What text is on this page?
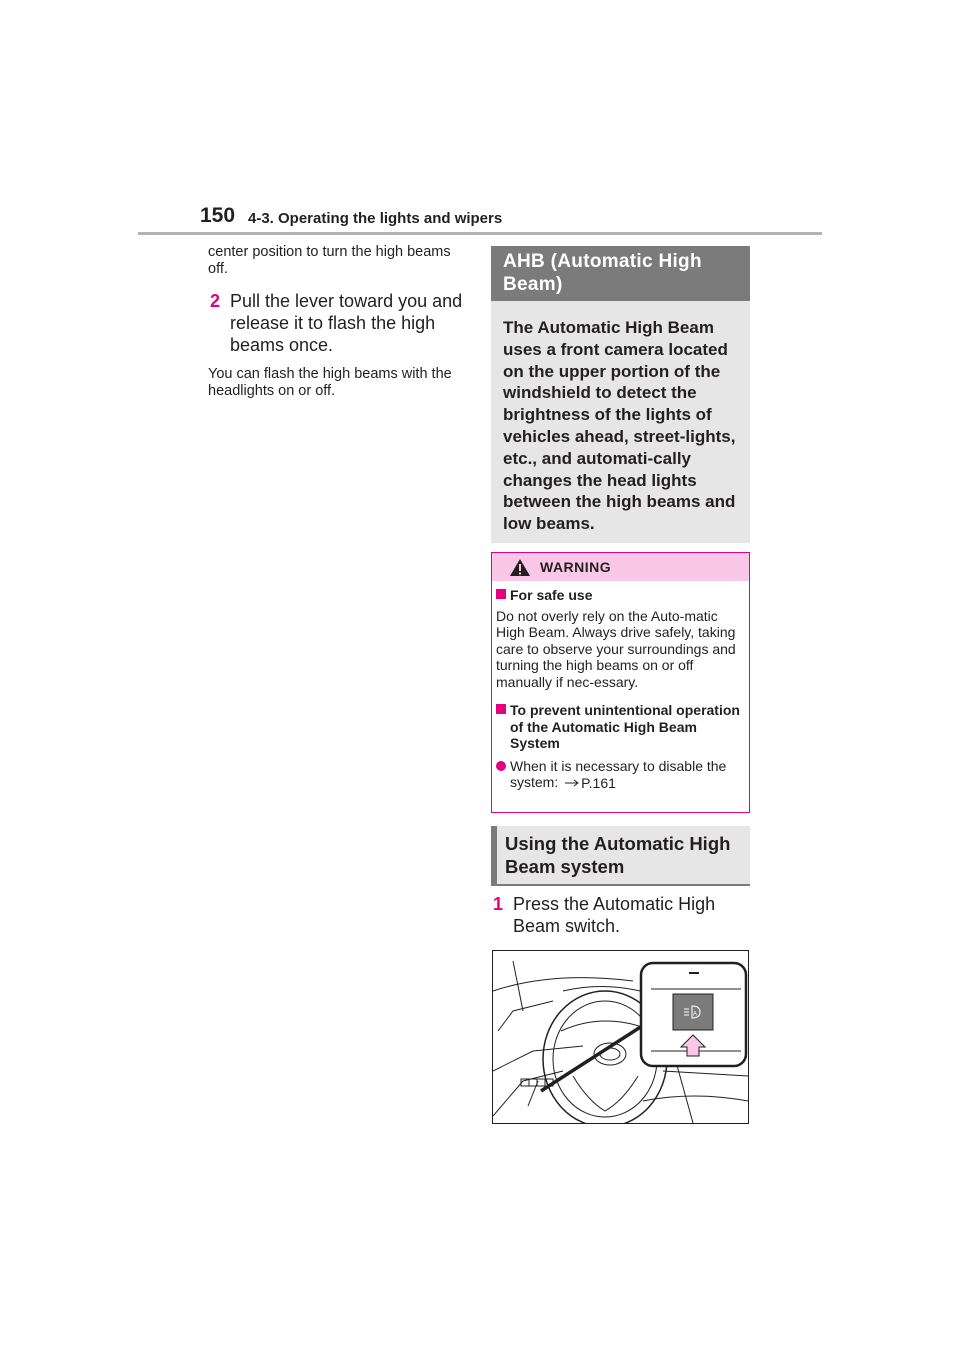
150 4-3. Operating the lights and wipers

center position to turn the high beams off.

2 Pull the lever toward you and release it to flash the high beams once.

You can flash the high beams with the headlights on or off.

AHB (Automatic High Beam)

The Automatic High Beam uses a front camera located on the upper portion of the windshield to detect the brightness of the lights of vehicles ahead, street-lights, etc., and automati-cally changes the head lights between the high beams and low beams.

WARNING

For safe use

Do not overly rely on the Auto-matic High Beam. Always drive safely, taking care to observe your surroundings and turning the high beams on or off manually if nec-essary.

To prevent unintentional operation of the Automatic High Beam System

When it is necessary to disable the system: P.161

Using the Automatic High Beam system
1 Press the Automatic High Beam switch.
A
